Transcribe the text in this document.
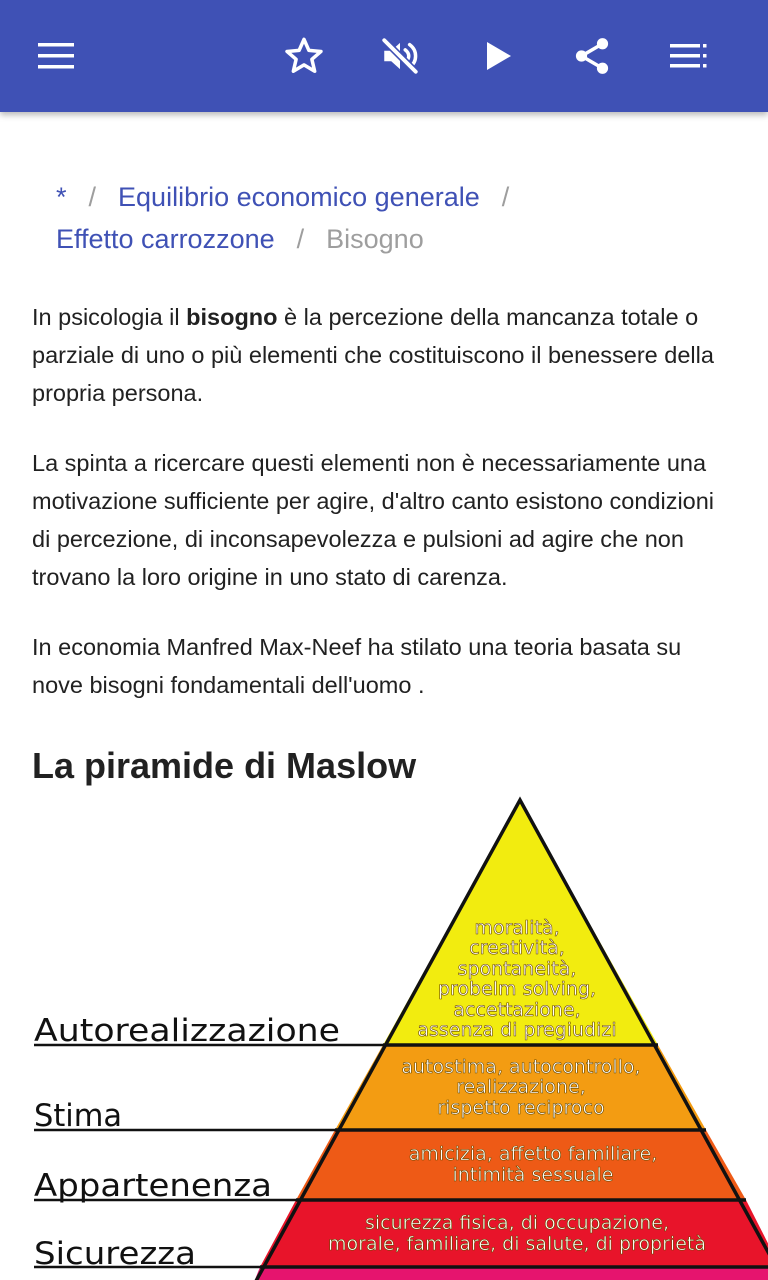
* / Equilibrio economico generale /
Effetto carrozzone / Bisogno

In psicologia il bisogno è la percezione della mancanza totale o parziale di uno o più elementi che costituiscono il benessere della propria persona.

La spinta a ricercare questi elementi non è necessariamente una motivazione sufficiente per agire, d'altro canto esistono condizioni di percezione, di inconsapevolezza e pulsioni ad agire che non trovano la loro origine in uno stato di carenza.

In economia Manfred Max-Neef ha stilato una teoria basata su nove bisogni fondamentali dell'uomo .

La piramide di Maslow
Autorealizzazione
Stima
Appartenenza
Sicurezza
moralità,
creatività,
spontaneità,
probelm solving,
accettazione,
assenza di pregiudizi
autostima, autocontrollo,
realizzazione,
rispetto reciproco
amicizia, affetto familiare,
intimità sessuale
sicurezza fisica, di occupazione,
morale, familiare, di salute, di proprietà
